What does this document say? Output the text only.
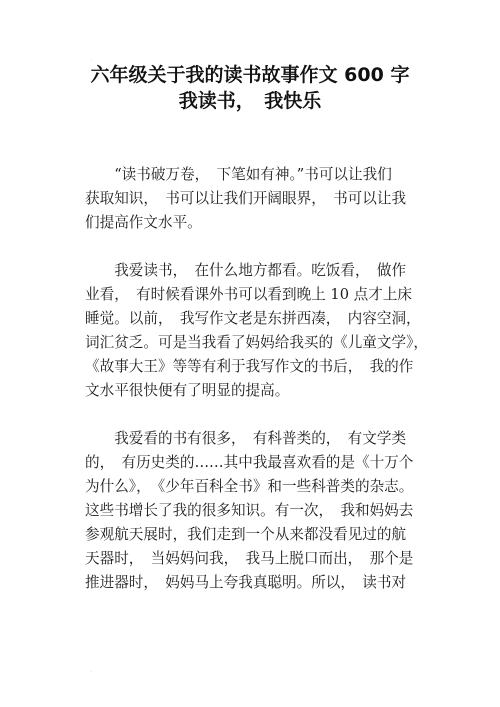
.
六年级关于我的读书故事作文 600 字
我读书，　我快乐

　　“读书破万卷，　下笔如有神。”书可以让我们
获取知识，　书可以让我们开阔眼界，　书可以让我
们提高作文水平。

　　我爱读书，　在什么地方都看。吃饭看，　做作
业看，　有时候看课外书可以看到晚上 10 点才上床
睡觉。以前，　我写作文老是东拼西凑，　内容空洞，
词汇贫乏。可是当我看了妈妈给我买的《儿童文学》，
《故事大王》等等有利于我写作文的书后，　我的作
文水平很快便有了明显的提高。

　　我爱看的书有很多，　有科普类的，　有文学类
的，　有历史类的……其中我最喜欢看的是《十万个
为什么》，　《少年百科全书》和一些科普类的杂志。
这些书增长了我的很多知识。有一次，　我和妈妈去
参观航天展时，我们走到一个从来都没看见过的航
天器时，　当妈妈问我，　我马上脱口而出，　那个是
推进器时，　妈妈马上夸我真聪明。所以，　读书对

.
